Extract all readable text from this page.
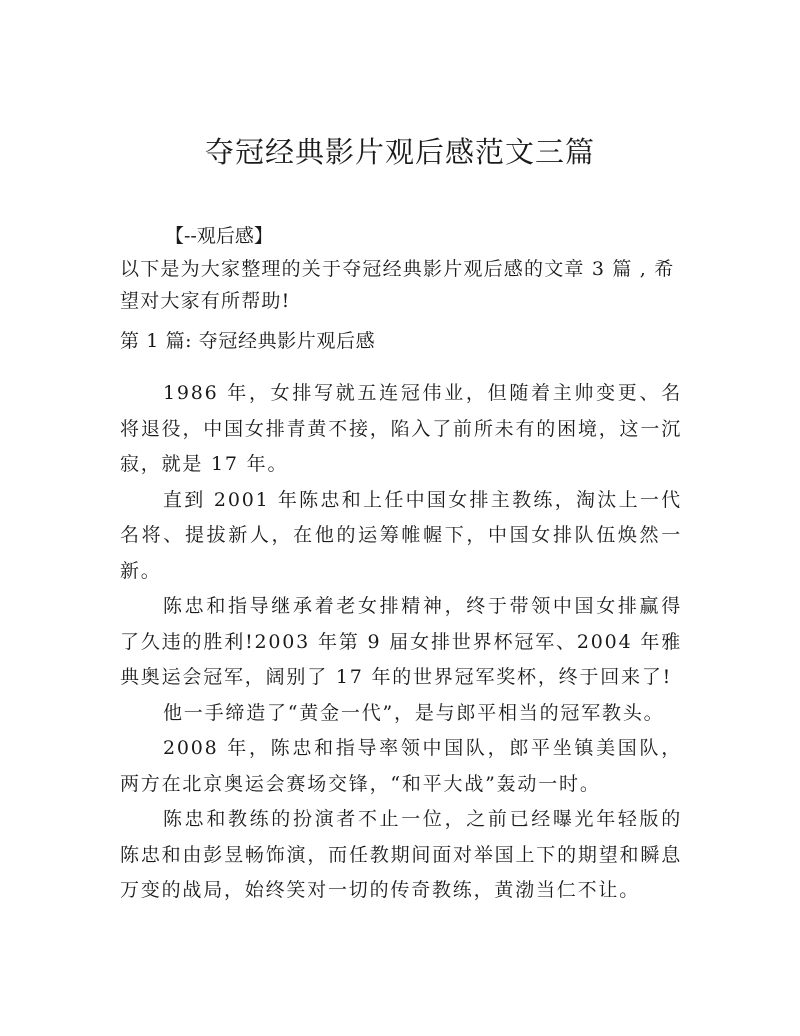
夺冠经典影片观后感范文三篇

【--观后感】

以下是为大家整理的关于夺冠经典影片观后感的文章 3 篇 , 希望对大家有所帮助!

第 1 篇: 夺冠经典影片观后感

1986 年，女排写就五连冠伟业，但随着主帅变更、名将退役，中国女排青黄不接，陷入了前所未有的困境，这一沉寂，就是 17 年。

直到 2001 年陈忠和上任中国女排主教练，淘汰上一代名将、提拔新人，在他的运筹帷幄下，中国女排队伍焕然一新。

陈忠和指导继承着老女排精神，终于带领中国女排赢得了久违的胜利!2003 年第 9 届女排世界杯冠军、2004 年雅典奥运会冠军，阔别了 17 年的世界冠军奖杯，终于回来了!

他一手缔造了“黄金一代”，是与郎平相当的冠军教头。

2008 年，陈忠和指导率领中国队，郎平坐镇美国队，两方在北京奥运会赛场交锋，“和平大战”轰动一时。

陈忠和教练的扮演者不止一位，之前已经曝光年轻版的陈忠和由彭昱畅饰演，而任教期间面对举国上下的期望和瞬息万变的战局，始终笑对一切的传奇教练，黄渤当仁不让。
